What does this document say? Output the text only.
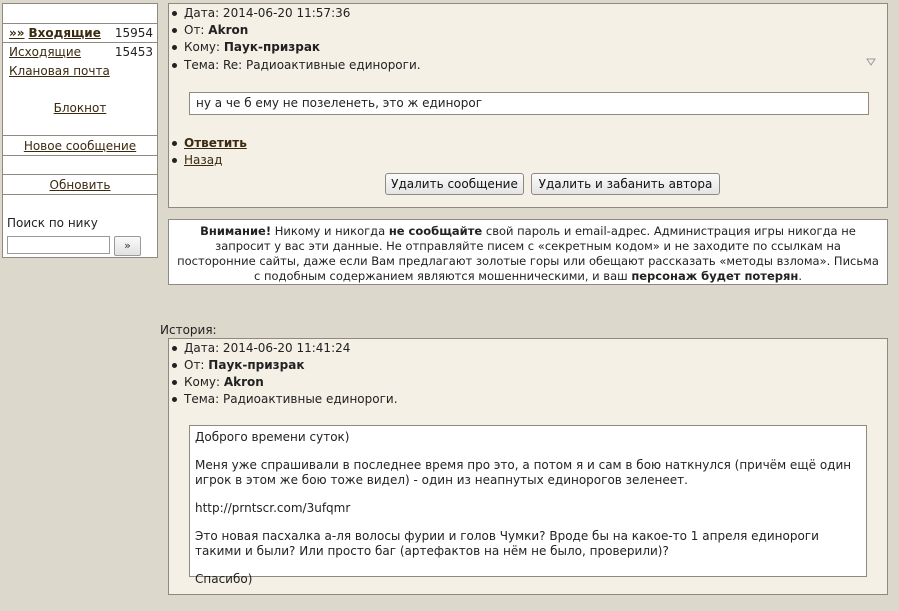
»» Входящие 15954
Исходящие	15453
Клановая почта
Блокнот
Новое сообщение
Обновить
Поиск по нику
»
Дата: 2014-06-20 11:57:36
От: Akron
Кому: Паук-призрак
Тема: Re: Радиоактивные единороги.
ну а че б ему не позеленеть, это ж единорог
Ответить
Назад
Удалить сообщение	Удалить и забанить автора
Внимание! Никому и никогда не сообщайте свой пароль и email-адрес. Администрация игры никогда не запросит у вас эти данные. Не отправляйте писем с «секретным кодом» и не заходите по ссылкам на посторонние сайты, даже если Вам предлагают золотые горы или обещают рассказать «методы взлома». Письма с подобным содержанием являются мошенническими, и ваш персонаж будет потерян.
История:
Дата: 2014-06-20 11:41:24
От: Паук-призрак
Кому: Akron
Тема: Радиоактивные единороги.

Доброго времени суток)

Меня уже спрашивали в последнее время про это, а потом я и сам в бою наткнулся (причём ещё один игрок в этом же бою тоже видел) - один из неапнутых единорогов зеленеет.

http://prntscr.com/3ufqmr

Это новая пасхалка а-ля волосы фурии и голов Чумки? Вроде бы на какое-то 1 апреля единороги такими и были? Или просто баг (артефактов на нём не было, проверили)?

Спасибо)
